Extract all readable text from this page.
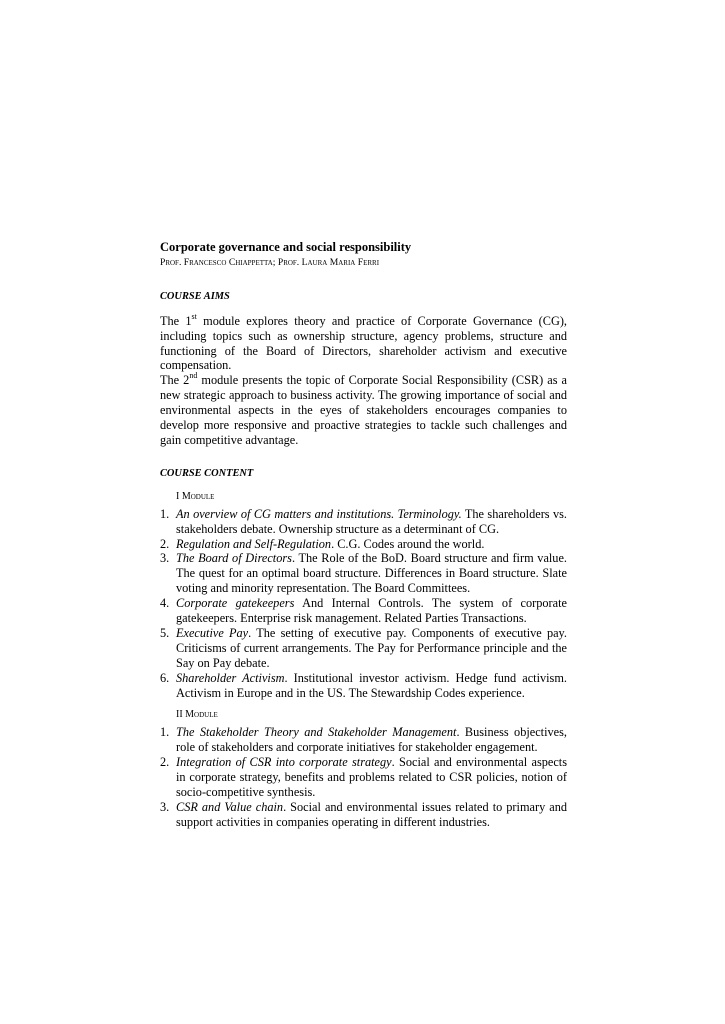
Corporate governance and social responsibility
Prof. Francesco Chiappetta; Prof. Laura Maria Ferri
COURSE AIMS
The 1st module explores theory and practice of Corporate Governance (CG), including topics such as ownership structure, agency problems, structure and functioning of the Board of Directors, shareholder activism and executive compensation.
The 2nd module presents the topic of Corporate Social Responsibility (CSR) as a new strategic approach to business activity. The growing importance of social and environmental aspects in the eyes of stakeholders encourages companies to develop more responsive and proactive strategies to tackle such challenges and gain competitive advantage.
COURSE CONTENT
I Module
1. An overview of CG matters and institutions. Terminology. The shareholders vs. stakeholders debate. Ownership structure as a determinant of CG.
2. Regulation and Self-Regulation. C.G. Codes around the world.
3. The Board of Directors. The Role of the BoD. Board structure and firm value. The quest for an optimal board structure. Differences in Board structure. Slate voting and minority representation. The Board Committees.
4. Corporate gatekeepers And Internal Controls. The system of corporate gatekeepers. Enterprise risk management. Related Parties Transactions.
5. Executive Pay. The setting of executive pay. Components of executive pay. Criticisms of current arrangements. The Pay for Performance principle and the Say on Pay debate.
6. Shareholder Activism. Institutional investor activism. Hedge fund activism. Activism in Europe and in the US. The Stewardship Codes experience.
II Module
1. The Stakeholder Theory and Stakeholder Management. Business objectives, role of stakeholders and corporate initiatives for stakeholder engagement.
2. Integration of CSR into corporate strategy. Social and environmental aspects in corporate strategy, benefits and problems related to CSR policies, notion of socio-competitive synthesis.
3. CSR and Value chain. Social and environmental issues related to primary and support activities in companies operating in different industries.
